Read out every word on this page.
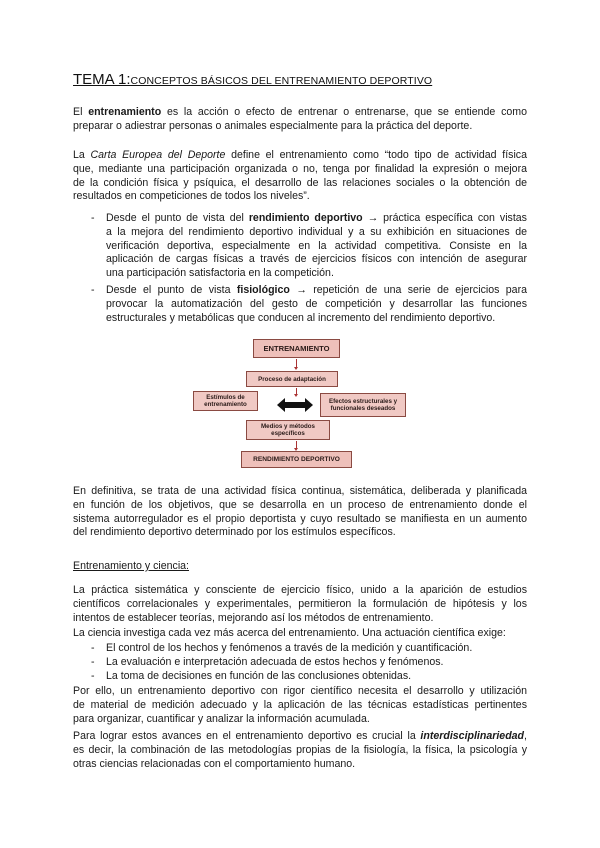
TEMA 1:CONCEPTOS BÁSICOS DEL ENTRENAMIENTO DEPORTIVO
El entrenamiento es la acción o efecto de entrenar o entrenarse, que se entiende como
preparar o adiestrar personas o animales especialmente para la práctica del deporte.
La Carta Europea del Deporte define el entrenamiento como “todo tipo de actividad física
que, mediante una participación organizada o no, tenga por finalidad la expresión o mejora
de la condición física y psíquica, el desarrollo de las relaciones sociales o la obtención de
resultados en competiciones de todos los niveles”.
- Desde el punto de vista del rendimiento deportivo → práctica específica con vistas
a la mejora del rendimiento deportivo individual y a su exhibición en situaciones de
verificación deportiva, especialmente en la actividad competitiva. Consiste en la
aplicación de cargas físicas a través de ejercicios físicos con intención de asegurar
una participación satisfactoria en la competición.
- Desde el punto de vista fisiológico → repetición de una serie de ejercicios para
provocar la automatización del gesto de competición y desarrollar las funciones
estructurales y metabólicas que conducen al incremento del rendimiento deportivo.
ENTRENAMIENTO
Proceso de adaptación
Estímulos de entrenamiento	Efectos estructurales y funcionales deseados
Medios y métodos específicos
RENDIMIENTO DEPORTIVO
En definitiva, se trata de una actividad física continua, sistemática, deliberada y planificada
en función de los objetivos, que se desarrolla en un proceso de entrenamiento donde el
sistema autorregulador es el propio deportista y cuyo resultado se manifiesta en un aumento
del rendimiento deportivo determinado por los estímulos específicos.
Entrenamiento y ciencia:
La práctica sistemática y consciente de ejercicio físico, unido a la aparición de estudios
científicos correlacionales y experimentales, permitieron la formulación de hipótesis y los
intentos de establecer teorías, mejorando así los métodos de entrenamiento.
La ciencia investiga cada vez más acerca del entrenamiento. Una actuación científica exige:
- El control de los hechos y fenómenos a través de la medición y cuantificación.
- La evaluación e interpretación adecuada de estos hechos y fenómenos.
- La toma de decisiones en función de las conclusiones obtenidas.
Por ello, un entrenamiento deportivo con rigor científico necesita el desarrollo y utilización
de material de medición adecuado y la aplicación de las técnicas estadísticas pertinentes
para organizar, cuantificar y analizar la información acumulada.
Para lograr estos avances en el entrenamiento deportivo es crucial la interdisciplinariedad,
es decir, la combinación de las metodologías propias de la fisiología, la física, la psicología y
otras ciencias relacionadas con el comportamiento humano.
